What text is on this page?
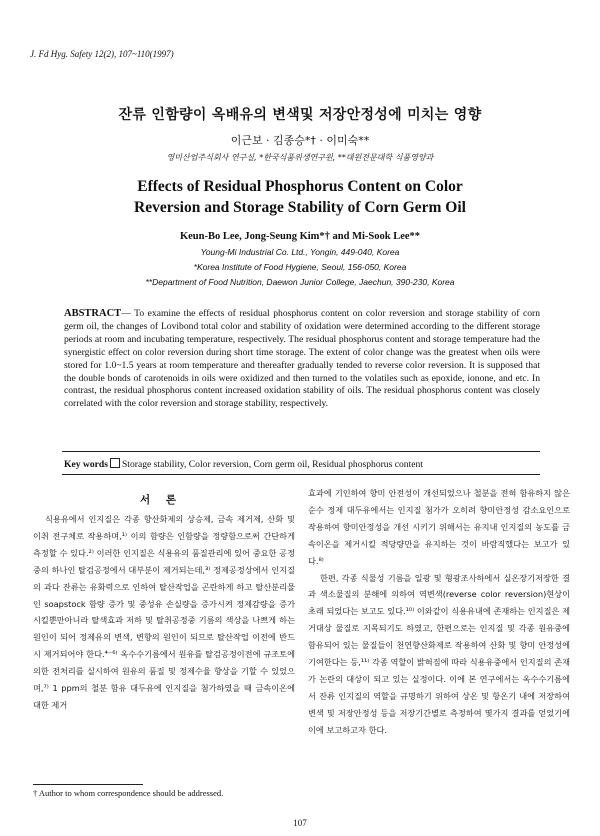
J. Fd Hyg. Safety 12(2), 107~110(1997)
잔류 인함량이 옥배유의 변색및 저장안정성에 미치는 영향
이근보 · 김종승*† · 이미숙**
영미산업주식회사 연구실, *한국식품위생연구원, **대원전문대학 식품영양과
Effects of Residual Phosphorus Content on Color
Reversion and Storage Stability of Corn Germ Oil
Keun-Bo Lee, Jong-Seung Kim*† and Mi-Sook Lee**
Young-Mi Industrial Co. Ltd., Yongin, 449-040, Korea
*Korea Institute of Food Hygiene, Seoul, 156-050, Korea
**Department of Food Nutrition, Daewon Junior College, Jaechun, 390-230, Korea
ABSTRACT— To examine the effects of residual phosphorus content on color reversion and storage stability of corn germ oil, the changes of Lovibond total color and stability of oxidation were determined according to the different storage periods at room and incubating temperature, respectively. The residual phosphorus content and storage temperature had the synergistic effect on color reversion during short time storage. The extent of color change was the greatest when oils were stored for 1.0~1.5 years at room temperature and thereafter gradually tended to reverse color reversion. It is supposed that the double bonds of carotenoids in oils were oxidized and then turned to the volatiles such as epoxide, ionone, and etc. In contrast, the residual phosphorus content increased oxidation stability of oils. The residual phosphorus content was closely correlated with the color reversion and storage stability, respectively.
Key words Storage stability, Color reversion, Corn germ oil, Residual phosphorus content
서 론

식용유에서 인지질은 각종 향산화제의 상승제, 금속 제거제, 산화 및 이취 전구체로 작용하며,¹⁾ 이의 함량은 인함량을 정량함으로써 간단하게 측정할 수 있다.²⁾ 이러한 인지질은 식용유의 품질관리에 있어 중요한 공정중의 하나인 탈검공정에서 대부분이 제거되는데,³⁾ 정제공정상에서 인지질의 과다 잔류는 유화력으로 인하여 탈산작업을 곤란하게 하고 탈산분리물인 soapstock 함량 증가 및 중성유 손실량을 증가시켜 정제감량을 증가시킬뿐만아니라 탈색효과 저하 및 탈취공정중 기름의 색상을 나쁘게 하는 원인이 되어 정제유의 변색, 변향의 원인이 되므로 탈산작업 이전에 반드시 제거되어야 한다.⁴⁻⁶⁾ 옥수수기름에서 원유를 탈검공정이전에 규조토에 의한 전처리를 실시하여 원유의 품질 및 정제수율 향상을 기할 수 있었으며,⁷⁾ 1 ppm의 철분 함유 대두유에 인지질을 첨가하였을 때 금속이온에 대한 제거

효과에 기인하여 향미 안전성이 개선되었으나 철분을 전혀 함유하지 않은 순수 정제 대두유에서는 인지질 첨가가 오히려 향미안정성 감소요인으로 작용하여 향미안정성을 개선 시키기 위해서는 유지내 인지질의 농도를 금속이온을 제거시킬 적당량만을 유지하는 것이 바람직했다는 보고가 있다.⁸⁾

한편, 각종 식물성 기름을 일광 및 형광조사하에서 실온장기저장한 결과 색소물질의 분해에 의하여 역변색(reverse color reversion)현상이 초래 되었다는 보고도 있다.¹⁰⁾ 이와같이 식용유내에 존재하는 인지질은 제거대상 물질로 지목되기도 하였고, 한편으로는 인지질 및 각종 원유중에 함유되어 있는 물질들이 천연향산화제로 작용하여 산화 및 향미 안정성에 기여한다는 등,¹¹⁾ 각종 역할이 밝혀짐에 따라 식용유중에서 인지질의 존재가 논란의 대상이 되고 있는 실정이다. 이에 본 연구에서는 옥수수기름에서 잔류 인지질의 역할을 규명하기 위하여 상온 및 항온기 내에 저장하여 변색 및 저장안정성 등을 저장기간별로 측정하여 몇가지 결과를 얻었기에 이에 보고하고자 한다.

† Author to whom correspondence should be addressed.
107
